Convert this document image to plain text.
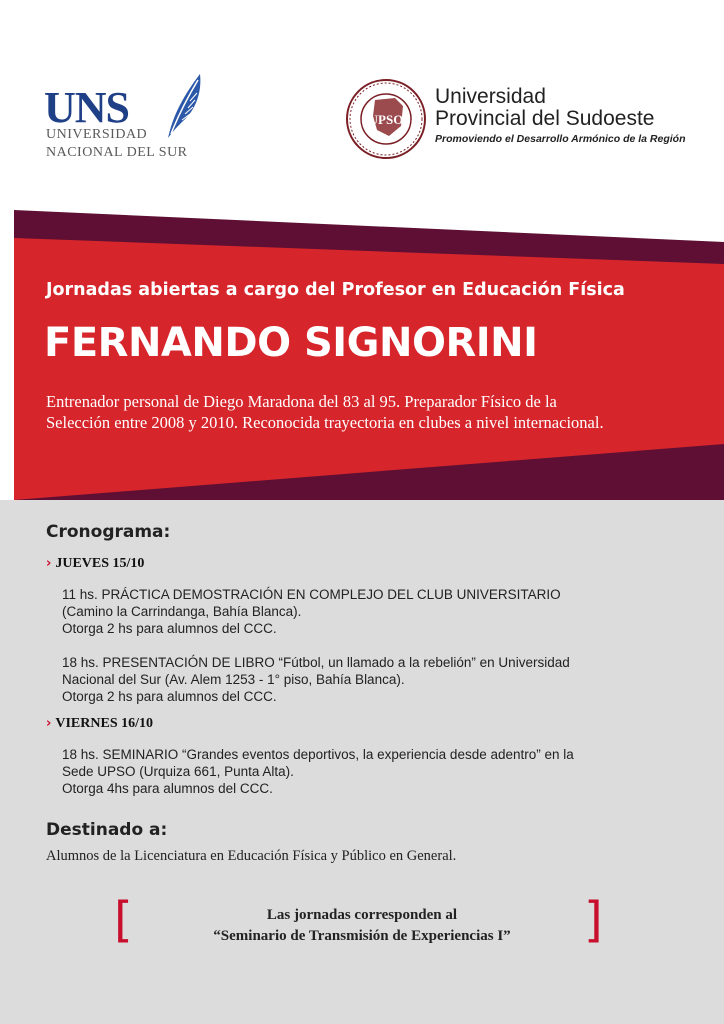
UNS
UNIVERSIDAD
NACIONAL DEL SUR
UPSO
Universidad
Provincial del Sudoeste
Promoviendo el Desarrollo Armónico de la Región
Jornadas abiertas a cargo del Profesor en Educación Física
FERNANDO SIGNORINI
Entrenador personal de Diego Maradona del 83 al 95. Preparador Físico de la
Selección entre 2008 y 2010. Reconocida trayectoria en clubes a nivel internacional.
Cronograma:
› JUEVES 15/10
11 hs. PRÁCTICA DEMOSTRACIÓN EN COMPLEJO DEL CLUB UNIVERSITARIO
(Camino la Carrindanga, Bahía Blanca).
Otorga 2 hs para alumnos del CCC.
18 hs. PRESENTACIÓN DE LIBRO “Fútbol, un llamado a la rebelión” en Universidad
Nacional del Sur (Av. Alem 1253 - 1° piso, Bahía Blanca).
Otorga 2 hs para alumnos del CCC.
› VIERNES 16/10
18 hs. SEMINARIO “Grandes eventos deportivos, la experiencia desde adentro” en la
Sede UPSO (Urquiza 661, Punta Alta).
Otorga 4hs para alumnos del CCC.
Destinado a:
Alumnos de la Licenciatura en Educación Física y Público en General.
[	Las jornadas corresponden al
“Seminario de Transmisión de Experiencias I”	]
